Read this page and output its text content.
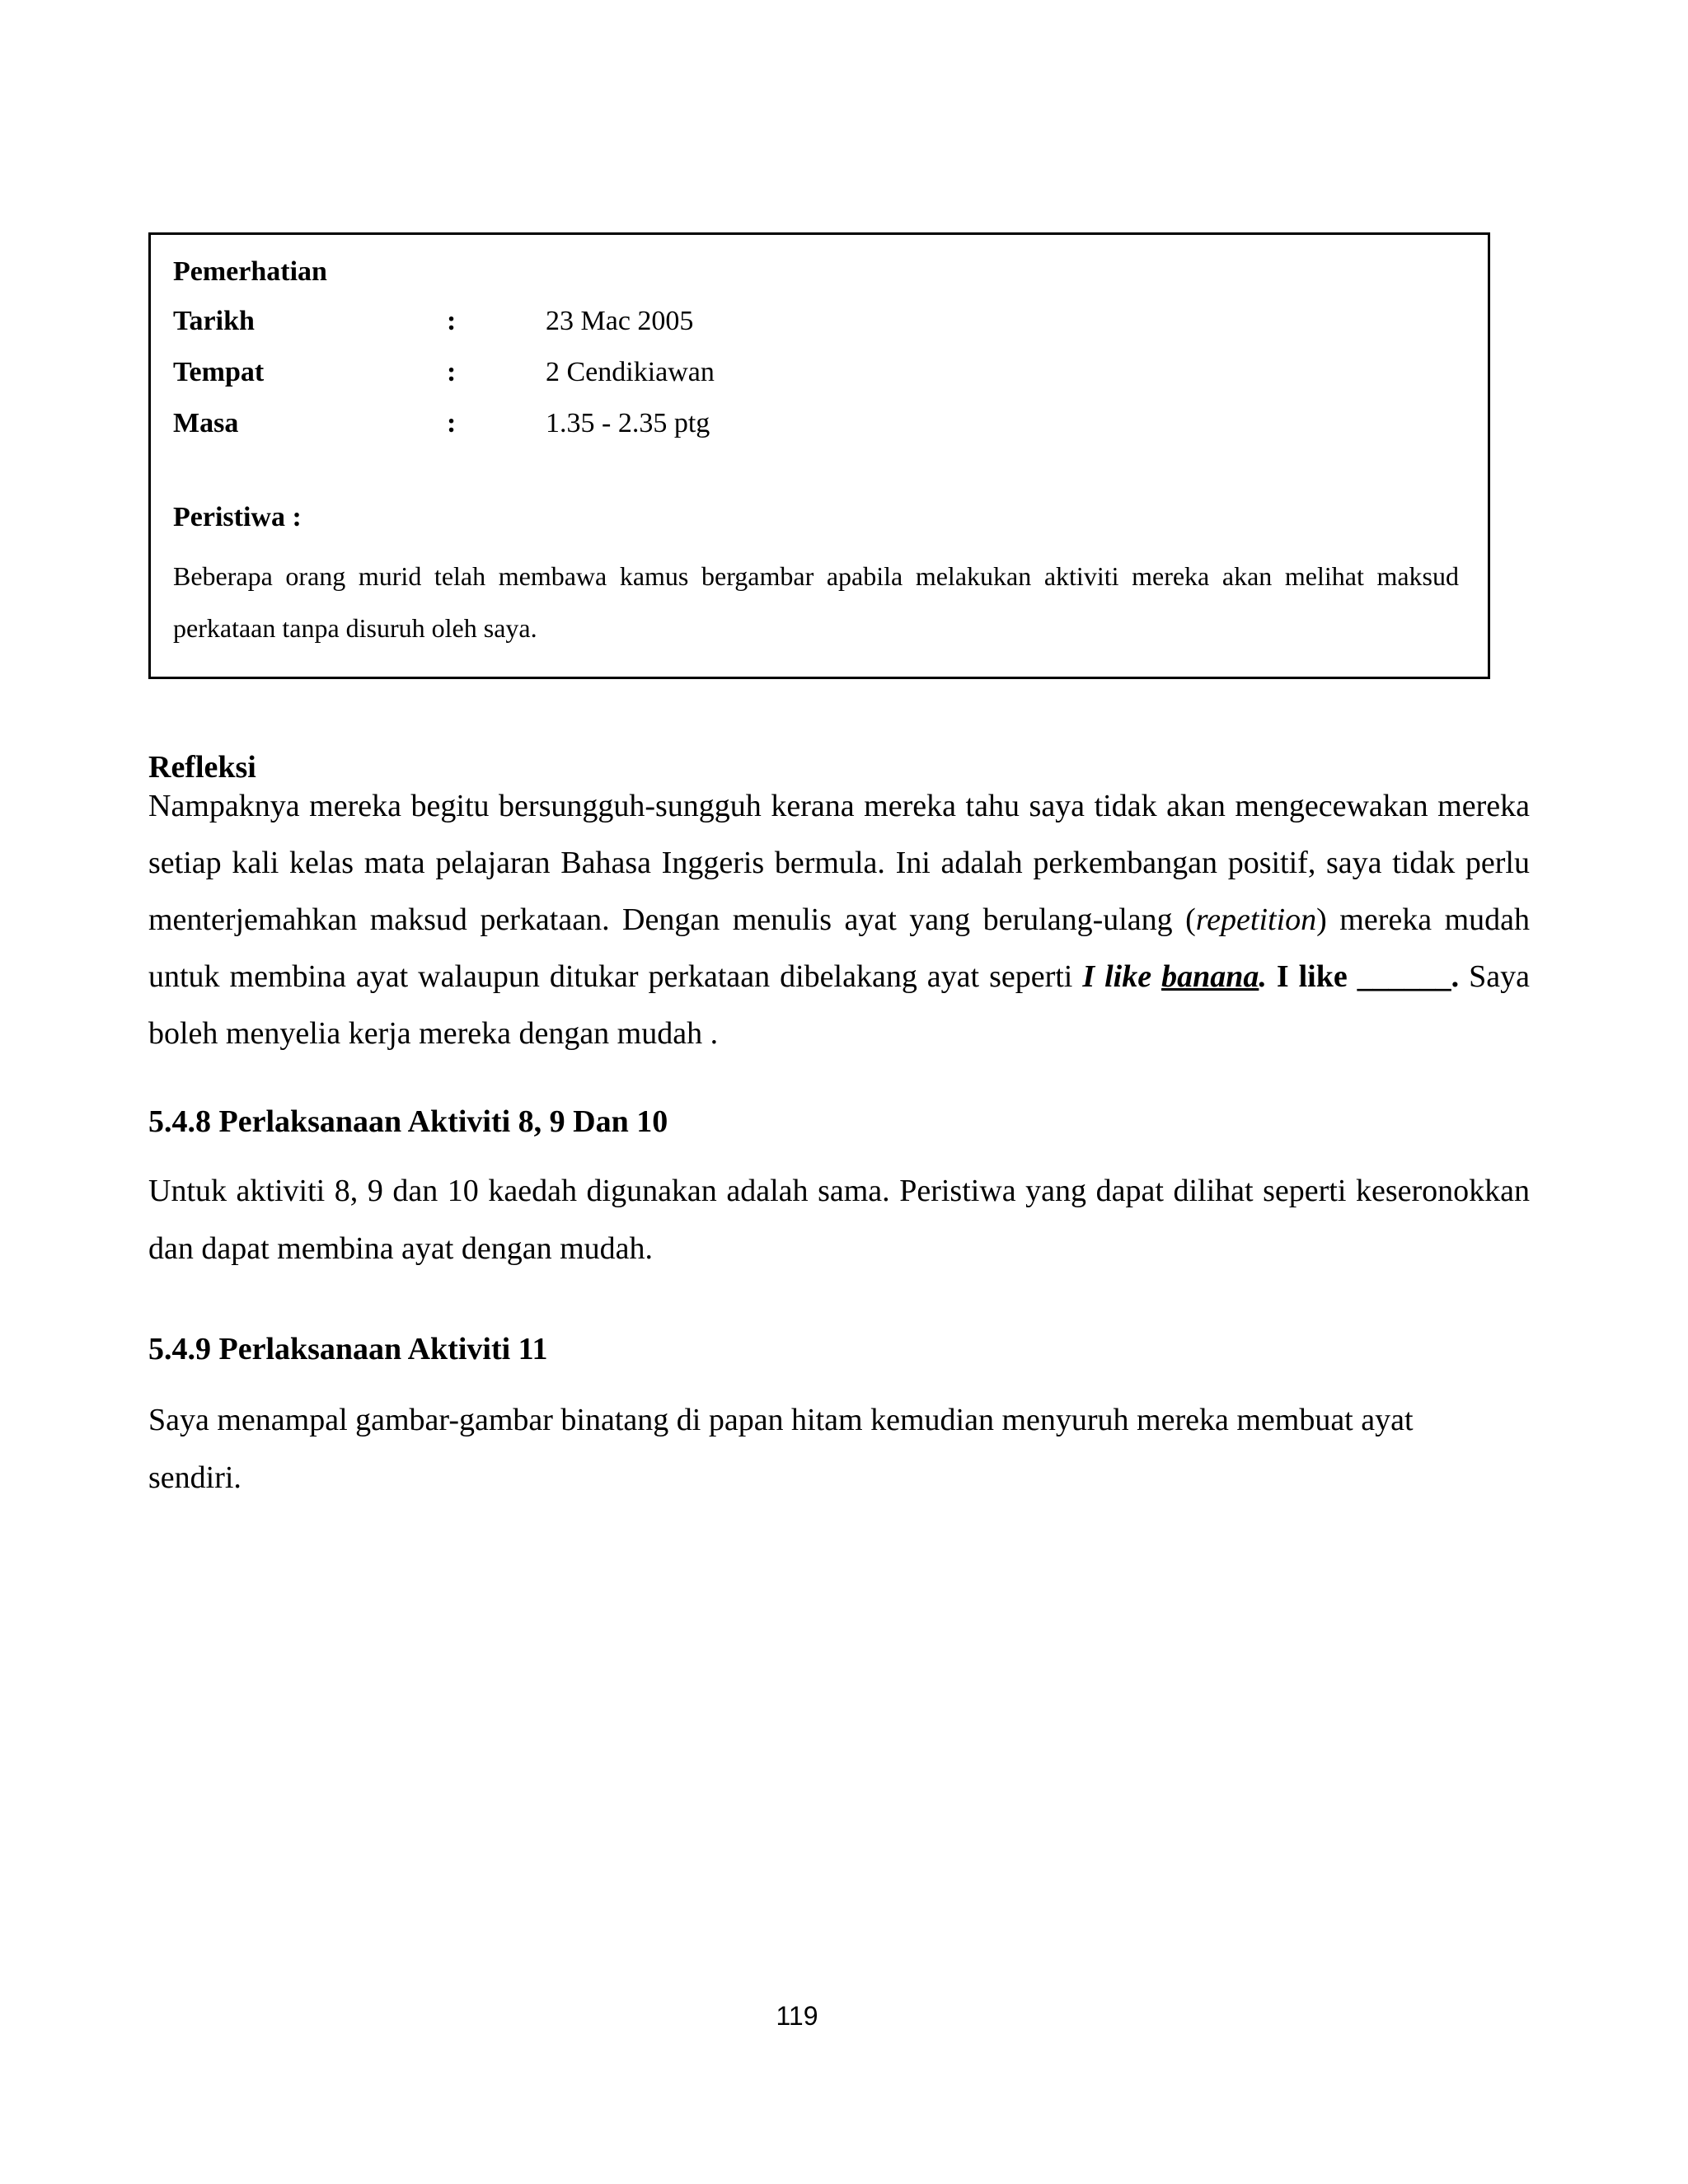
Pemerhatian
Tarikh	:	23 Mac 2005
Tempat	:	2 Cendikiawan
Masa	:	1.35 - 2.35 ptg
Peristiwa :
Beberapa orang murid telah membawa kamus bergambar apabila melakukan aktiviti mereka akan melihat maksud perkataan tanpa disuruh oleh saya.
Refleksi
Nampaknya mereka begitu bersungguh-sungguh kerana mereka tahu saya tidak akan mengecewakan mereka setiap kali kelas mata pelajaran Bahasa Inggeris bermula. Ini adalah perkembangan positif, saya tidak perlu menterjemahkan maksud perkataan. Dengan menulis ayat yang berulang-ulang (repetition) mereka mudah untuk membina ayat walaupun ditukar perkataan dibelakang ayat seperti I like banana. I like ______. Saya boleh menyelia kerja mereka dengan mudah .
5.4.8 Perlaksanaan Aktiviti 8, 9 Dan 10
Untuk aktiviti 8, 9 dan 10 kaedah digunakan adalah sama. Peristiwa yang dapat dilihat seperti keseronokkan dan dapat membina ayat dengan mudah.
5.4.9 Perlaksanaan Aktiviti 11
Saya menampal gambar-gambar binatang di papan hitam kemudian menyuruh mereka membuat ayat sendiri.
119
